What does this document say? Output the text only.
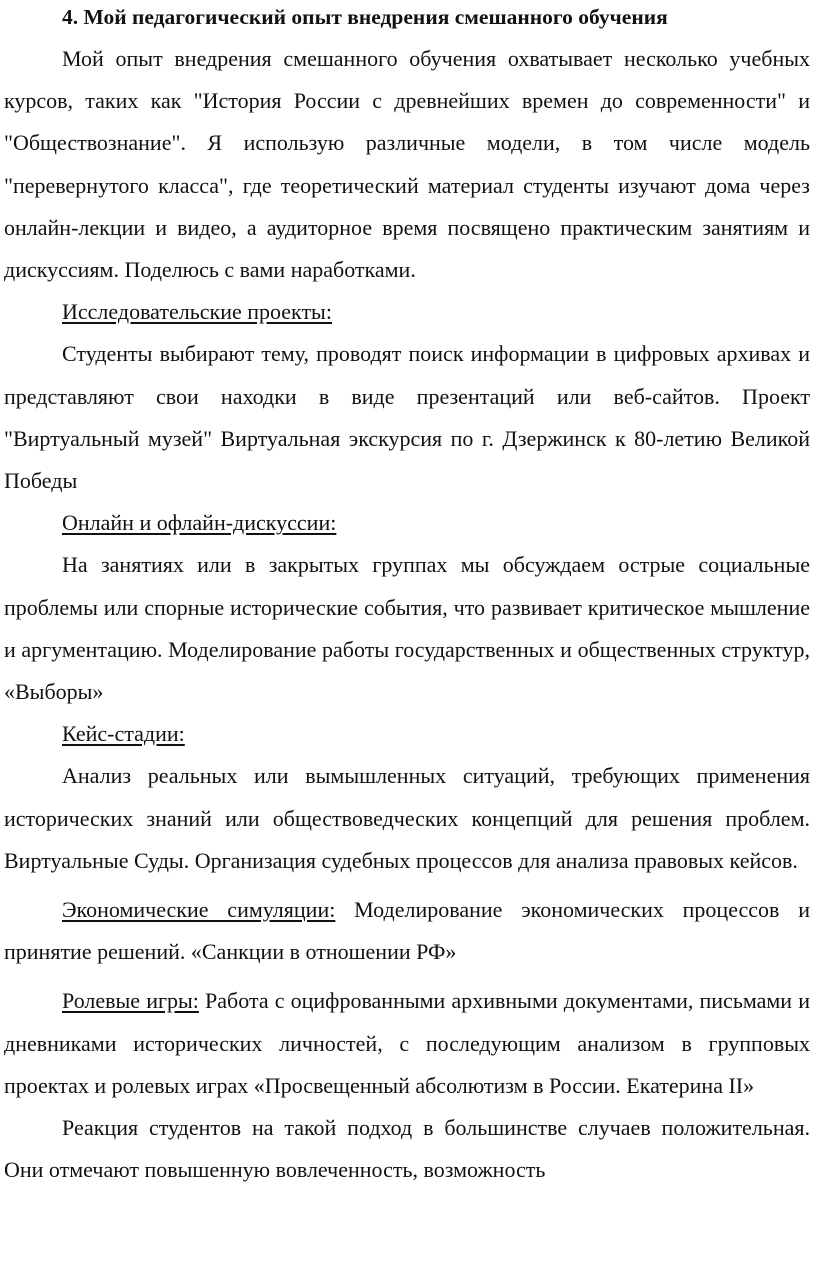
4. Мой педагогический опыт внедрения смешанного обучения

Мой опыт внедрения смешанного обучения охватывает несколько учебных курсов, таких как "История России с древнейших времен до современности" и "Обществознание". Я использую различные модели, в том числе модель "перевернутого класса", где теоретический материал студенты изучают дома через онлайн-лекции и видео, а аудиторное время посвящено практическим занятиям и дискуссиям. Поделюсь с вами наработками.

Исследовательские проекты:

Студенты выбирают тему, проводят поиск информации в цифровых архивах и представляют свои находки в виде презентаций или веб-сайтов. Проект "Виртуальный музей" Виртуальная экскурсия по г. Дзержинск к 80-летию Великой Победы

Онлайн и офлайн-дискуссии:

На занятиях или в закрытых группах мы обсуждаем острые социальные проблемы или спорные исторические события, что развивает критическое мышление и аргументацию. Моделирование работы государственных и общественных структур, «Выборы»

Кейс-стадии:

Анализ реальных или вымышленных ситуаций, требующих применения исторических знаний или обществоведческих концепций для решения проблем. Виртуальные Суды. Организация судебных процессов для анализа правовых кейсов.

Экономические симуляции: Моделирование экономических процессов и принятие решений. «Санкции в отношении РФ»

Ролевые игры: Работа с оцифрованными архивными документами, письмами и дневниками исторических личностей, с последующим анализом в групповых проектах и ролевых играх «Просвещенный абсолютизм в России. Екатерина II»

Реакция студентов на такой подход в большинстве случаев положительная. Они отмечают повышенную вовлеченность, возможность
